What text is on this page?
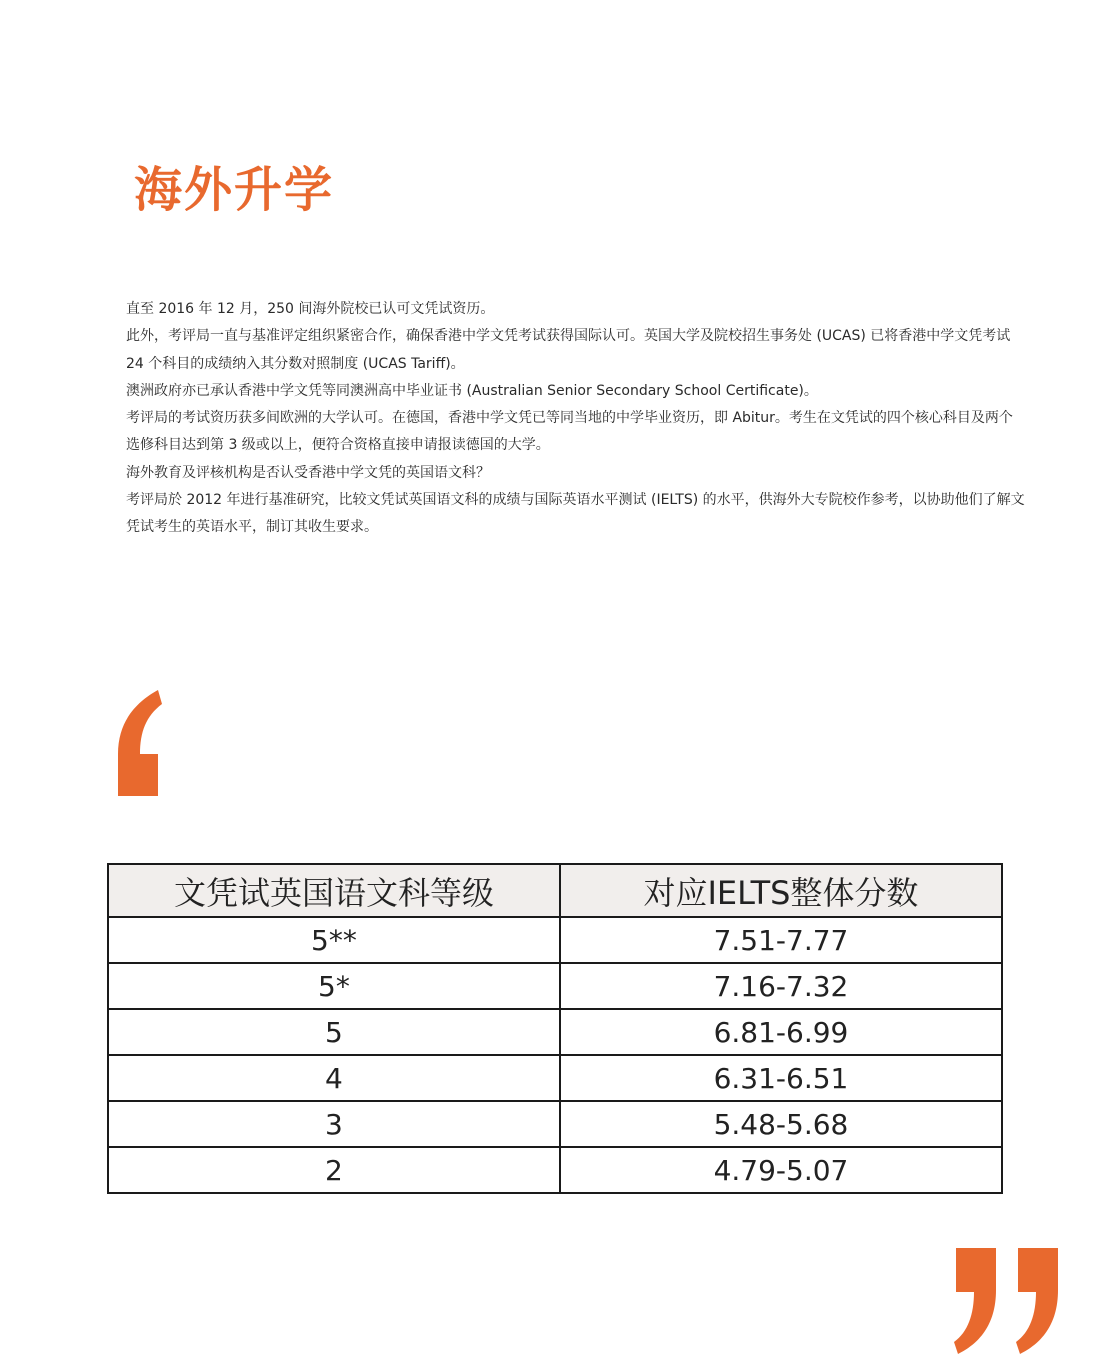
海外升学

直至 2016 年 12 月，250 间海外院校已认可文凭试资历。

此外，考评局一直与基准评定组织紧密合作，确保香港中学文凭考试获得国际认可。英国大学及院校招生事务处 (UCAS) 已将香港中学文凭考试 24 个科目的成绩纳入其分数对照制度 (UCAS Tariff)。

澳洲政府亦已承认香港中学文凭等同澳洲高中毕业证书 (Australian Senior Secondary School Certificate)。

考评局的考试资历获多间欧洲的大学认可。在德国，香港中学文凭已等同当地的中学毕业资历，即 Abitur。考生在文凭试的四个核心科目及两个选修科目达到第 3 级或以上，便符合资格直接申请报读德国的大学。

海外教育及评核机构是否认受香港中学文凭的英国语文科？

考评局於 2012 年进行基准研究，比较文凭试英国语文科的成绩与国际英语水平测试 (IELTS) 的水平，供海外大专院校作参考，以协助他们了解文凭试考生的英语水平，制订其收生要求。

文凭试英国语文科等级	对应IELTS整体分数
5**	7.51-7.77
5*	7.16-7.32
5	6.81-6.99
4	6.31-6.51
3	5.48-5.68
2	4.79-5.07
